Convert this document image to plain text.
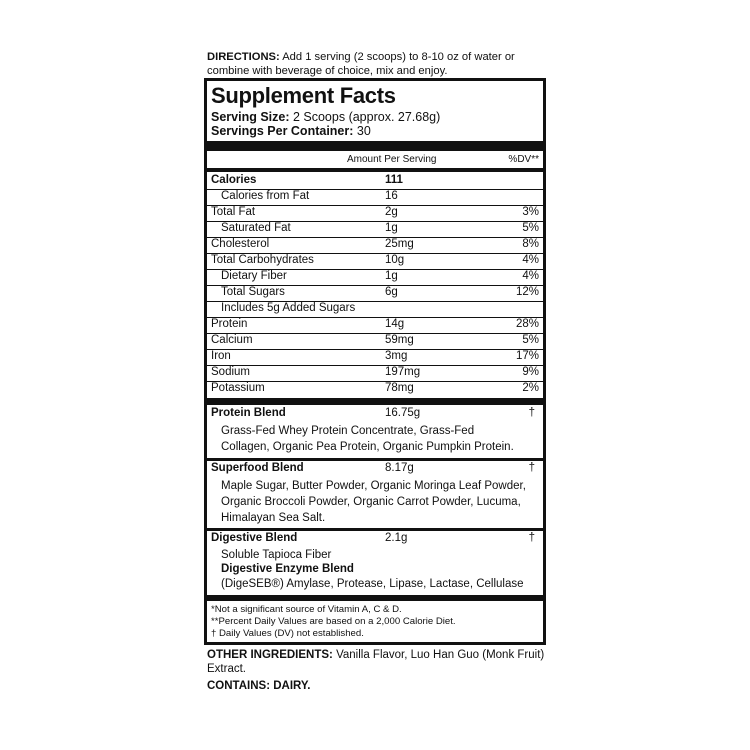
DIRECTIONS: Add 1 serving (2 scoops) to 8-10 oz of water or combine with beverage of choice, mix and enjoy.
Supplement Facts
Serving Size: 2 Scoops (approx. 27.68g)
Servings Per Container: 30
Amount Per Serving	%DV**
Calories	111
Calories from Fat	16
Total Fat	2g	3%
Saturated Fat	1g	5%
Cholesterol	25mg	8%
Total Carbohydrates	10g	4%
Dietary Fiber	1g	4%
Total Sugars	6g	12%
Includes 5g Added Sugars
Protein	14g	28%
Calcium	59mg	5%
Iron	3mg	17%
Sodium	197mg	9%
Potassium	78mg	2%
Protein Blend	16.75g	†
Grass-Fed Whey Protein Concentrate, Grass-Fed
Collagen, Organic Pea Protein, Organic Pumpkin Protein.
Superfood Blend	8.17g	†
Maple Sugar, Butter Powder, Organic Moringa Leaf Powder,
Organic Broccoli Powder, Organic Carrot Powder, Lucuma,
Himalayan Sea Salt.
Digestive Blend	2.1g	†
Soluble Tapioca Fiber
Digestive Enzyme Blend
(DigeSEB®) Amylase, Protease, Lipase, Lactase, Cellulase
*Not a significant source of Vitamin A, C & D.
**Percent Daily Values are based on a 2,000 Calorie Diet.
† Daily Values (DV) not established.
OTHER INGREDIENTS: Vanilla Flavor, Luo Han Guo (Monk Fruit) Extract.
CONTAINS: DAIRY.
